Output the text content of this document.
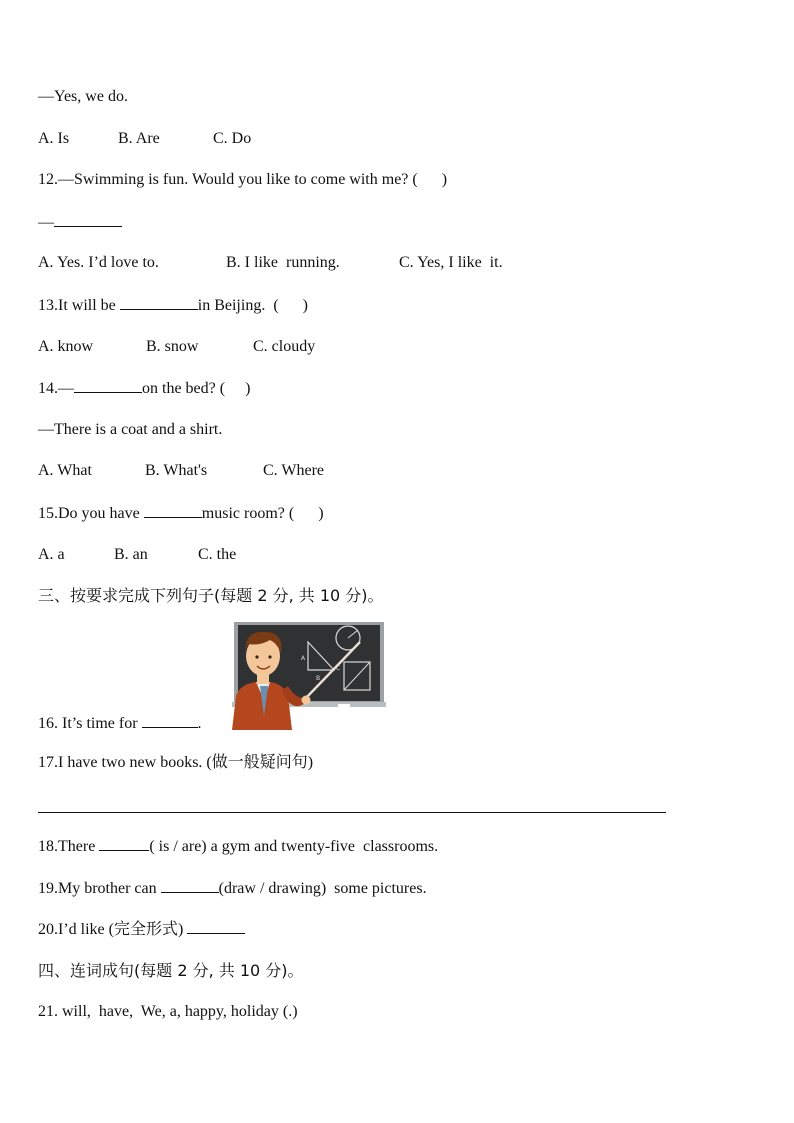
—Yes, we do.
A. Is	B. Are	C. Do
12.—Swimming is fun. Would you like to come with me? (      )
—
A. Yes. I’d love to.	B. I like  running.	C. Yes, I like  it.
13.It will be	in Beijing.  (      )
A. know	B. snow	C. cloudy
14.—	on the bed? (     )
—There is a coat and a shirt.
A. What	B. What's	C. Where
15.Do you have	music room? (      )
A. a	B. an	C. the
三、按要求完成下列句子(每题 2 分, 共 10 分)。
A
B
C
16. It’s time for	.
17.I have two new books. (做一般疑问句)
18.There	( is / are) a gym and twenty-five  classrooms.
19.My brother can	(draw / drawing)  some pictures.
20.I’d like (完全形式)
四、连词成句(每题 2 分, 共 10 分)。
21. will,  have,  We, a, happy, holiday (.)
